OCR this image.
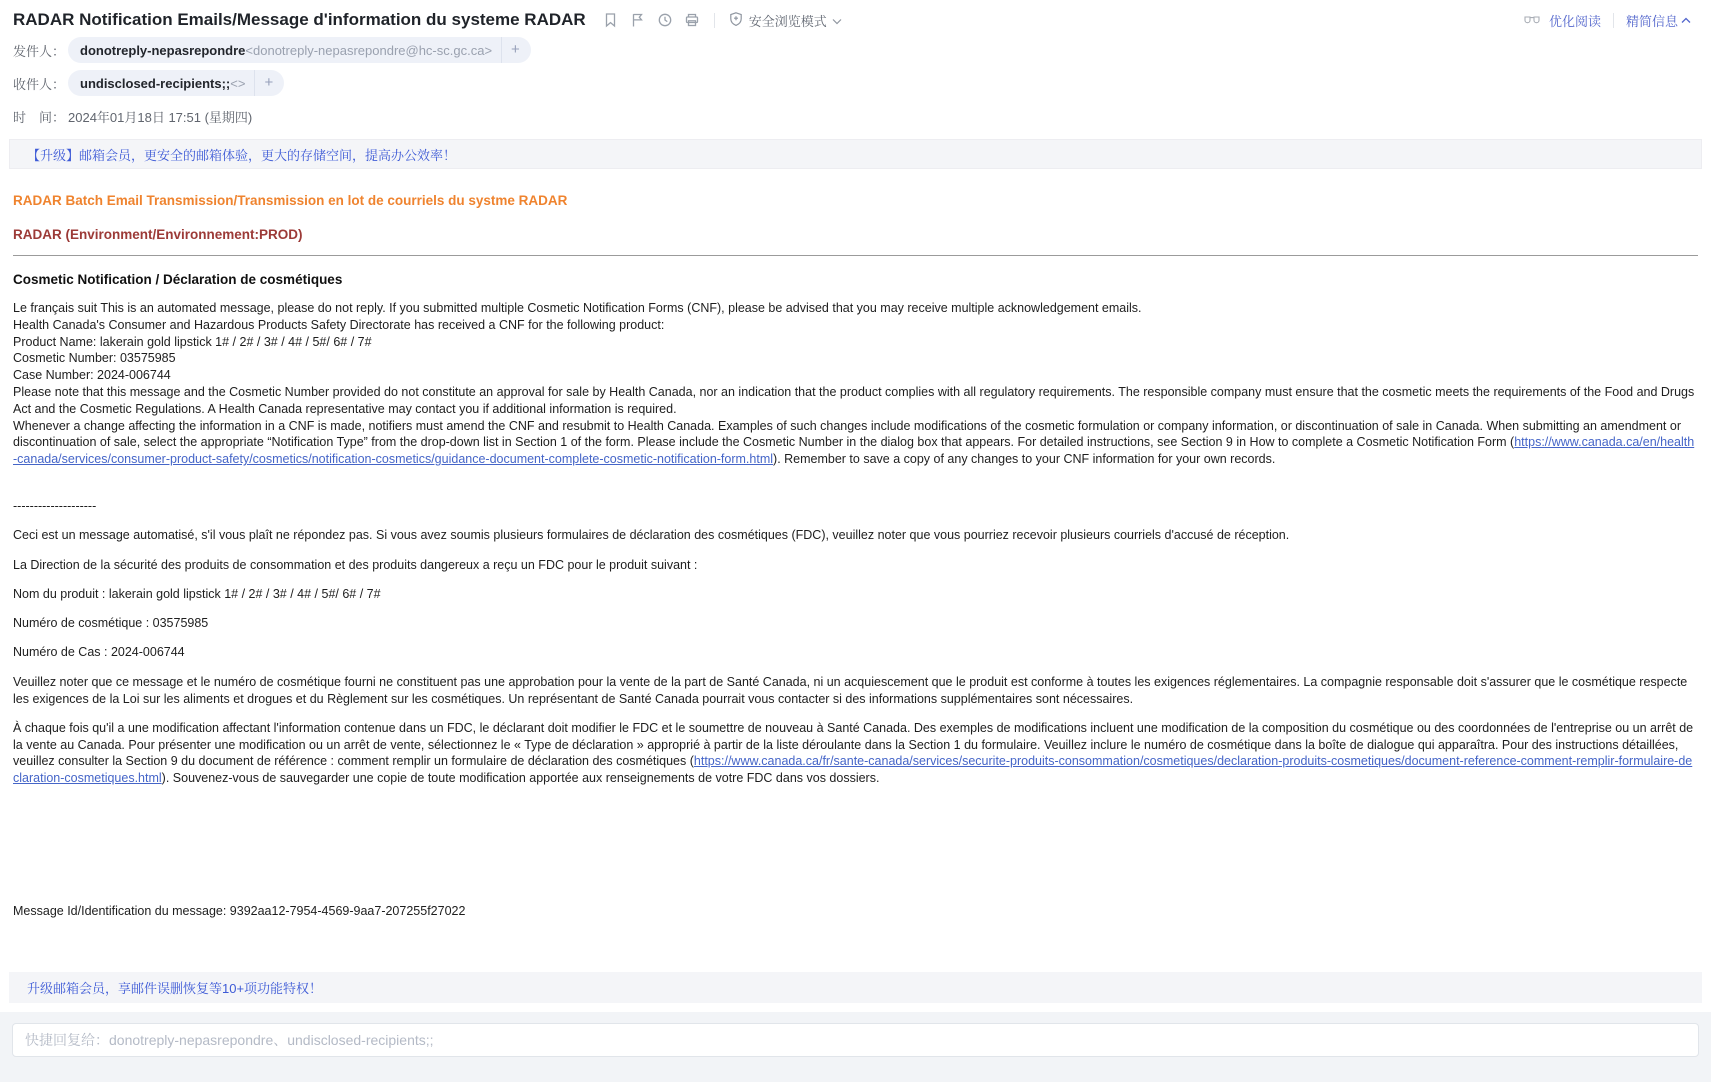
RADAR Notification Emails/Message d'information du systeme RADAR	安全浏览模式	优化阅读 精简信息
发件人：	donotreply-nepasrepondre<donotreply-nepasrepondre@hc-sc.gc.ca>	+
收件人：	undisclosed-recipients;;<>	+
时　间： 2024年01月18日 17:51 (星期四)
【升级】邮箱会员，更安全的邮箱体验，更大的存储空间，提高办公效率！
RADAR Batch Email Transmission/Transmission en lot de courriels du systme RADAR
RADAR (Environment/Environnement:PROD)
Cosmetic Notification / Déclaration de cosmétiques

Le français suit This is an automated message, please do not reply. If you submitted multiple Cosmetic Notification Forms (CNF), please be advised that you may receive multiple acknowledgement emails.

Health Canada's Consumer and Hazardous Products Safety Directorate has received a CNF for the following product:

Product Name: lakerain gold lipstick 1# / 2# / 3# / 4# / 5#/ 6# / 7#

Cosmetic Number: 03575985

Case Number: 2024-006744

Please note that this message and the Cosmetic Number provided do not constitute an approval for sale by Health Canada, nor an indication that the product complies with all regulatory requirements. The responsible company must ensure that the cosmetic meets the requirements of the Food and Drugs Act and the Cosmetic Regulations. A Health Canada representative may contact you if additional information is required.

Whenever a change affecting the information in a CNF is made, notifiers must amend the CNF and resubmit to Health Canada. Examples of such changes include modifications of the cosmetic formulation or company information, or discontinuation of sale in Canada. When submitting an amendment or discontinuation of sale, select the appropriate “Notification Type” from the drop-down list in Section 1 of the form. Please include the Cosmetic Number in the dialog box that appears. For detailed instructions, see Section 9 in How to complete a Cosmetic Notification Form (https://www.canada.ca/en/health-canada/services/consumer-product-safety/cosmetics/notification-cosmetics/guidance-document-complete-cosmetic-notification-form.html). Remember to save a copy of any changes to your CNF information for your own records.

--------------------

Ceci est un message automatisé, s'il vous plaît ne répondez pas. Si vous avez soumis plusieurs formulaires de déclaration des cosmétiques (FDC), veuillez noter que vous pourriez recevoir plusieurs courriels d'accusé de réception.

La Direction de la sécurité des produits de consommation et des produits dangereux a reçu un FDC pour le produit suivant :

Nom du produit : lakerain gold lipstick 1# / 2# / 3# / 4# / 5#/ 6# / 7#

Numéro de cosmétique : 03575985

Numéro de Cas : 2024-006744

Veuillez noter que ce message et le numéro de cosmétique fourni ne constituent pas une approbation pour la vente de la part de Santé Canada, ni un acquiescement que le produit est conforme à toutes les exigences réglementaires. La compagnie responsable doit s'assurer que le cosmétique respecte les exigences de la Loi sur les aliments et drogues et du Règlement sur les cosmétiques. Un représentant de Santé Canada pourrait vous contacter si des informations supplémentaires sont nécessaires.

À chaque fois qu'il a une modification affectant l'information contenue dans un FDC, le déclarant doit modifier le FDC et le soumettre de nouveau à Santé Canada. Des exemples de modifications incluent une modification de la composition du cosmétique ou des coordonnées de l'entreprise ou un arrêt de la vente au Canada. Pour présenter une modification ou un arrêt de vente, sélectionnez le « Type de déclaration » approprié à partir de la liste déroulante dans la Section 1 du formulaire. Veuillez inclure le numéro de cosmétique dans la boîte de dialogue qui apparaîtra. Pour des instructions détaillées, veuillez consulter la Section 9 du document de référence : comment remplir un formulaire de déclaration des cosmétiques (https://www.canada.ca/fr/sante-canada/services/securite-produits-consommation/cosmetiques/declaration-produits-cosmetiques/document-reference-comment-remplir-formulaire-declaration-cosmetiques.html). Souvenez-vous de sauvegarder une copie de toute modification apportée aux renseignements de votre FDC dans vos dossiers.

Message Id/Identification du message: 9392aa12-7954-4569-9aa7-207255f27022

升级邮箱会员，享邮件误删恢复等10+项功能特权！
快捷回复给：donotreply-nepasrepondre、undisclosed-recipients;;
